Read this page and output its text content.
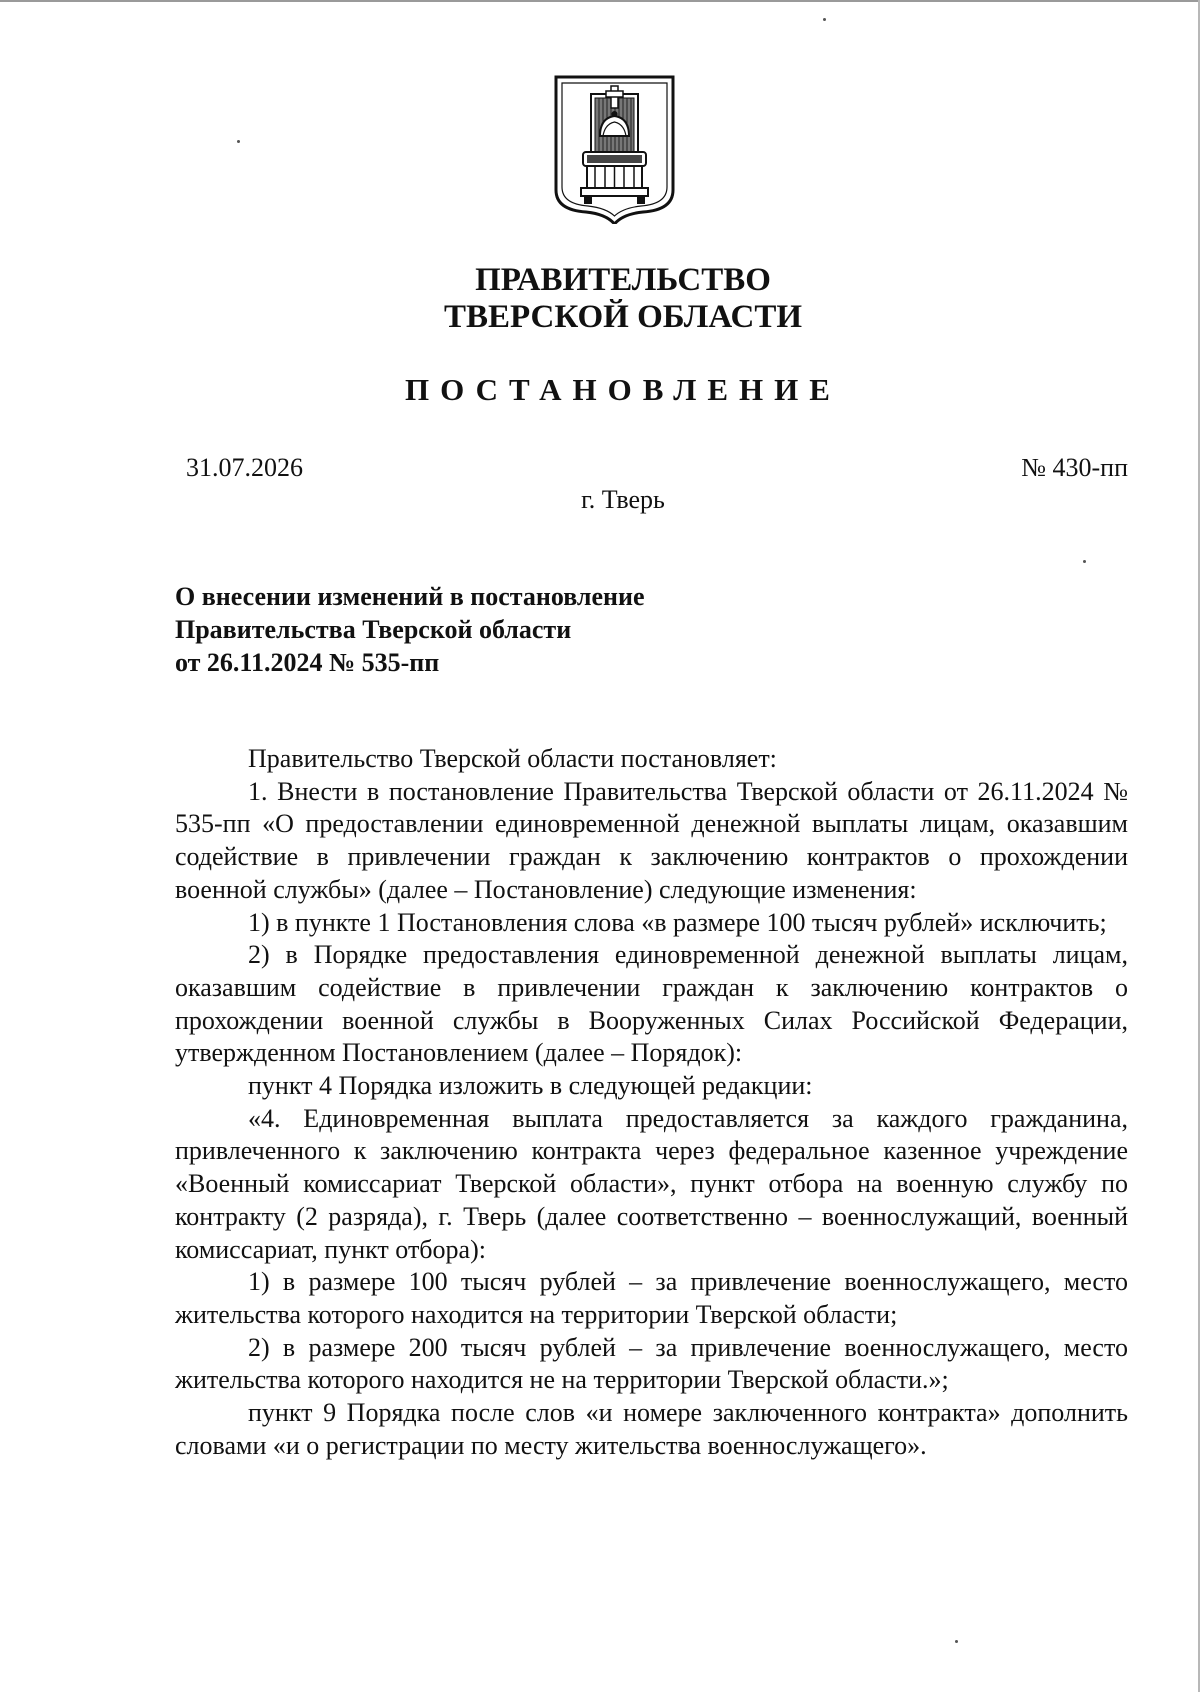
ПРАВИТЕЛЬСТВО
ТВЕРСКОЙ ОБЛАСТИ
ПОСТАНОВЛЕНИЕ
31.07.2026	№ 430-пп
г. Тверь
О внесении изменений в постановление
Правительства Тверской области
от 26.11.2024 № 535-пп

Правительство Тверской области постановляет:

1. Внести в постановление Правительства Тверской области от 26.11.2024 № 535-пп «О предоставлении единовременной денежной выплаты лицам, оказавшим содействие в привлечении граждан к заключению контрактов о прохождении военной службы» (далее – Постановление) следующие изменения:

1) в пункте 1 Постановления слова «в размере 100 тысяч рублей» исключить;

2) в Порядке предоставления единовременной денежной выплаты лицам, оказавшим содействие в привлечении граждан к заключению контрактов о прохождении военной службы в Вооруженных Силах Российской Федерации, утвержденном Постановлением (далее – Порядок):

пункт 4 Порядка изложить в следующей редакции:

«4. Единовременная выплата предоставляется за каждого гражданина, привлеченного к заключению контракта через федеральное казенное учреждение «Военный комиссариат Тверской области», пункт отбора на военную службу по контракту (2 разряда), г. Тверь (далее соответственно – военнослужащий, военный комиссариат, пункт отбора):

1) в размере 100 тысяч рублей – за привлечение военнослужащего, место жительства которого находится на территории Тверской области;

2) в размере 200 тысяч рублей – за привлечение военнослужащего, место жительства которого находится не на территории Тверской области.»;

пункт 9 Порядка после слов «и номере заключенного контракта» дополнить словами «и о регистрации по месту жительства военнослужащего».
